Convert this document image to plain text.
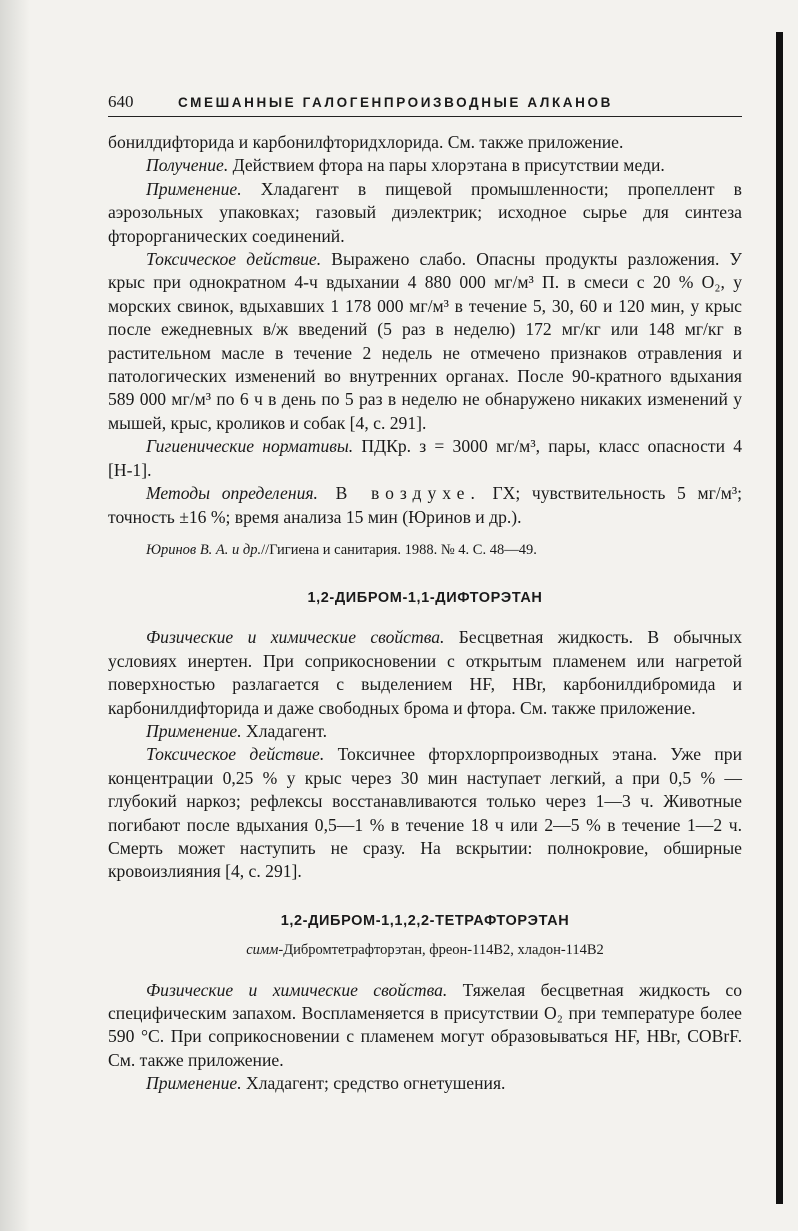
640	СМЕШАННЫЕ ГАЛОГЕНПРОИЗВОДНЫЕ АЛКАНОВ

бонилдифторида и карбонилфторидхлорида. См. также приложение.

Получение. Действием фтора на пары хлорэтана в присутствии меди.

Применение. Хладагент в пищевой промышленности; пропеллент в аэрозольных упаковках; газовый диэлектрик; исходное сырье для синтеза фторорганических соединений.

Токсическое действие. Выражено слабо. Опасны продукты разложения. У крыс при однократном 4-ч вдыхании 4 880 000 мг/м³ П. в смеси с 20 % O₂, у морских свинок, вдыхавших 1 178 000 мг/м³ в течение 5, 30, 60 и 120 мин, у крыс после ежедневных в/ж введений (5 раз в неделю) 172 мг/кг или 148 мг/кг в растительном масле в течение 2 недель не отмечено признаков отравления и патологических изменений во внутренних органах. После 90-кратного вдыхания 589 000 мг/м³ по 6 ч в день по 5 раз в неделю не обнаружено никаких изменений у мышей, крыс, кроликов и собак [4, с. 291].

Гигиенические нормативы. ПДКр. з = 3000 мг/м³, пары, класс опасности 4 [Н-1].

Методы определения. В воздухе. ГХ; чувствительность 5 мг/м³; точность ±16 %; время анализа 15 мин (Юринов и др.).

Юринов В. А. и др.//Гигиена и санитария. 1988. № 4. С. 48—49.

1,2-ДИБРОМ-1,1-ДИФТОРЭТАН

Физические и химические свойства. Бесцветная жидкость. В обычных условиях инертен. При соприкосновении с открытым пламенем или нагретой поверхностью разлагается с выделением HF, HBr, карбонилдибромида и карбонилдифторида и даже свободных брома и фтора. См. также приложение.

Применение. Хладагент.

Токсическое действие. Токсичнее фторхлорпроизводных этана. Уже при концентрации 0,25 % у крыс через 30 мин наступает легкий, а при 0,5 % — глубокий наркоз; рефлексы восстанавливаются только через 1—3 ч. Животные погибают после вдыхания 0,5—1 % в течение 18 ч или 2—5 % в течение 1—2 ч. Смерть может наступить не сразу. На вскрытии: полнокровие, обширные кровоизлияния [4, с. 291].

1,2-ДИБРОМ-1,1,2,2-ТЕТРАФТОРЭТАН
симм-Дибромтетрафторэтан, фреон-114В2, хладон-114В2

Физические и химические свойства. Тяжелая бесцветная жидкость со специфическим запахом. Воспламеняется в присутствии O₂ при температуре более 590 °С. При соприкосновении с пламенем могут образовываться HF, HBr, COBrF. См. также приложение.

Применение. Хладагент; средство огнетушения.
